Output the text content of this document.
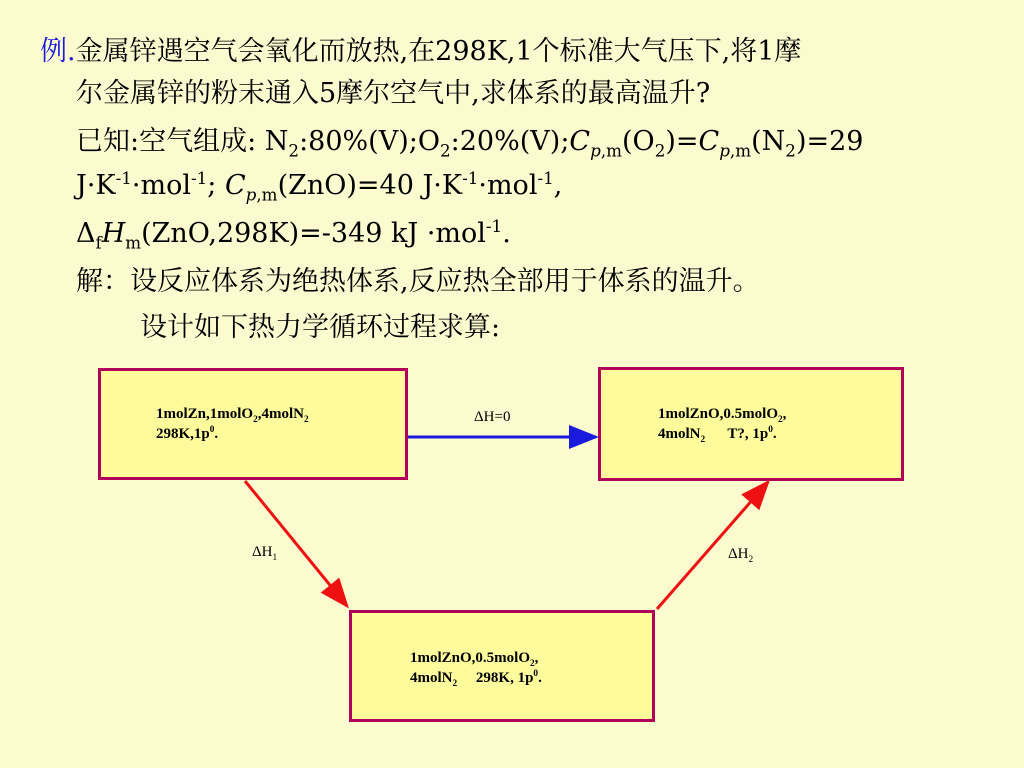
例.金属锌遇空气会氧化而放热,在298K,1个标准大气压下,将1摩
尔金属锌的粉末通入5摩尔空气中,求体系的最高温升?
已知:空气组成: $N_2:80\%(V);O_2:20\%(V);C_{p,m}(O_2)=C_{p,m}(N_2)=29$
$J\cdot K^{-1}\cdot mol^{-1}$; $C_{p,m}(ZnO)=40$ $J\cdot K^{-1}\cdot mol^{-1}$,
$\Delta_fH_m(ZnO,298K)=-349$ kJ ·mol$^{-1}$.
解：设反应体系为绝热体系,反应热全部用于体系的温升。
设计如下热力学循环过程求算:
1molZn,1molO$_2$,4molN$_2$
$298K,1p^0$.
1molZnO,0.5molO$_2$,
4molN$_2$      T?, $1p^0$.
1molZnO,0.5molO$_2$,
4molN$_2$     298K, $1p^0$.
ΔH=0
$\Delta H_1$	$\Delta H_2$
